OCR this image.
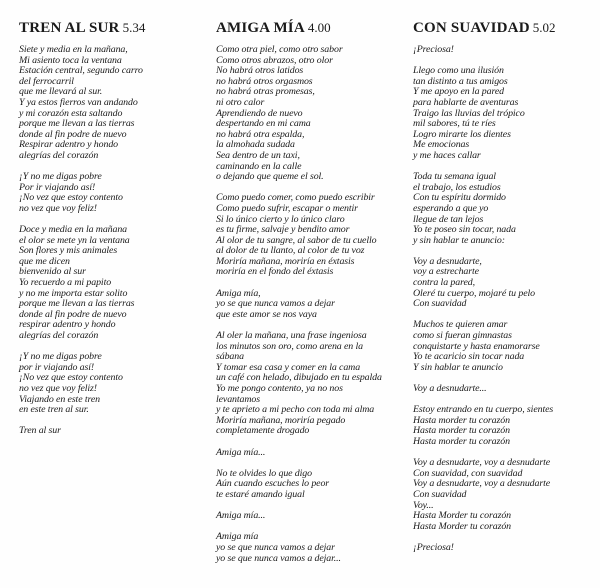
TREN AL SUR 5.34
Siete y media en la mañana,
Mi asiento toca la ventana
Estación central, segundo carro
del ferrocarril
que me llevará al sur.
Y ya estos fierros van andando
y mi corazón esta saltando
porque me llevan a las tierras
donde al fin podre de nuevo
Respirar adentro y hondo
alegrías del corazón
¡Y no me digas pobre
Por ir viajando así!
¡No vez que estoy contento
no vez que voy feliz!
Doce y media en la mañana
el olor se mete yn la ventana
Son flores y mis animales
que me dicen
bienvenido al sur
Yo recuerdo a mi papito
y no me importa estar solito
porque me llevan a las tierras
donde al fin podre de nuevo
respirar adentro y hondo
alegrías del corazón
¡Y no me digas pobre
por ir viajando así!
¡No vez que estoy contento
no vez que voy feliz!
Viajando en este tren
en este tren al sur.
Tren al sur
AMIGA MÍA 4.00
Como otra piel, como otro sabor
Como otros abrazos, otro olor
No habrá otros latidos
no habrá otros orgasmos
no habrá otras promesas,
ni otro calor
Aprendiendo de nuevo
despertando en mi cama
no habrá otra espalda,
la almohada sudada
Sea dentro de un taxi,
caminando en la calle
o dejando que queme el sol.
Como puedo comer, como puedo escribir
Como puedo sufrir, escapar o mentir
Si lo único cierto y lo único claro
es tu firme, salvaje y bendito amor
Al olor de tu sangre, al sabor de tu cuello
al dolor de tu llanto, al color de tu voz
Moriría mañana, moriría en éxtasis
moriría en el fondo del éxtasis
Amiga mía,
yo se que nunca vamos a dejar
que este amor se nos vaya
Al oler la mañana, una frase ingeniosa
los minutos son oro, como arena en la
sábana
Y tomar esa casa y comer en la cama
un café con helado, dibujado en tu espalda
Yo me pongo contento, ya no nos
levantamos
y te aprieto a mi pecho con toda mi alma
Moriría mañana, moriría pegado
completamente drogado
Amiga mía...
No te olvides lo que digo
Aún cuando escuches lo peor
te estaré amando igual
Amiga mía...
Amiga mía
yo se que nunca vamos a dejar
yo se que nunca vamos a dejar...
CON SUAVIDAD 5.02
¡Preciosa!
Llego como una ilusión
tan distinto a tus amigos
Y me apoyo en la pared
para hablarte de aventuras
Traigo las lluvias del trópico
mil sabores, tú te ríes
Logro mirarte los dientes
Me emocionas
y me haces callar
Toda tu semana igual
el trabajo, los estudios
Con tu espíritu dormido
esperando a que yo
llegue de tan lejos
Yo te poseo sin tocar, nada
y sin hablar te anuncio:
Voy a desnudarte,
voy a estrecharte
contra la pared,
Oleré tu cuerpo, mojaré tu pelo
Con suavidad
Muchos te quieren amar
como si fueran gimnastas
conquistarte y hasta enamorarse
Yo te acaricio sin tocar nada
Y sin hablar te anuncio
Voy a desnudarte...
Estoy entrando en tu cuerpo, sientes
Hasta morder tu corazón
Hasta morder tu corazón
Hasta morder tu corazón
Voy a desnudarte, voy a desnudarte
Con suavidad, con suavidad
Voy a desnudarte, voy a desnudarte
Con suavidad
Voy...
Hasta Morder tu corazón
Hasta Morder tu corazón
¡Preciosa!
